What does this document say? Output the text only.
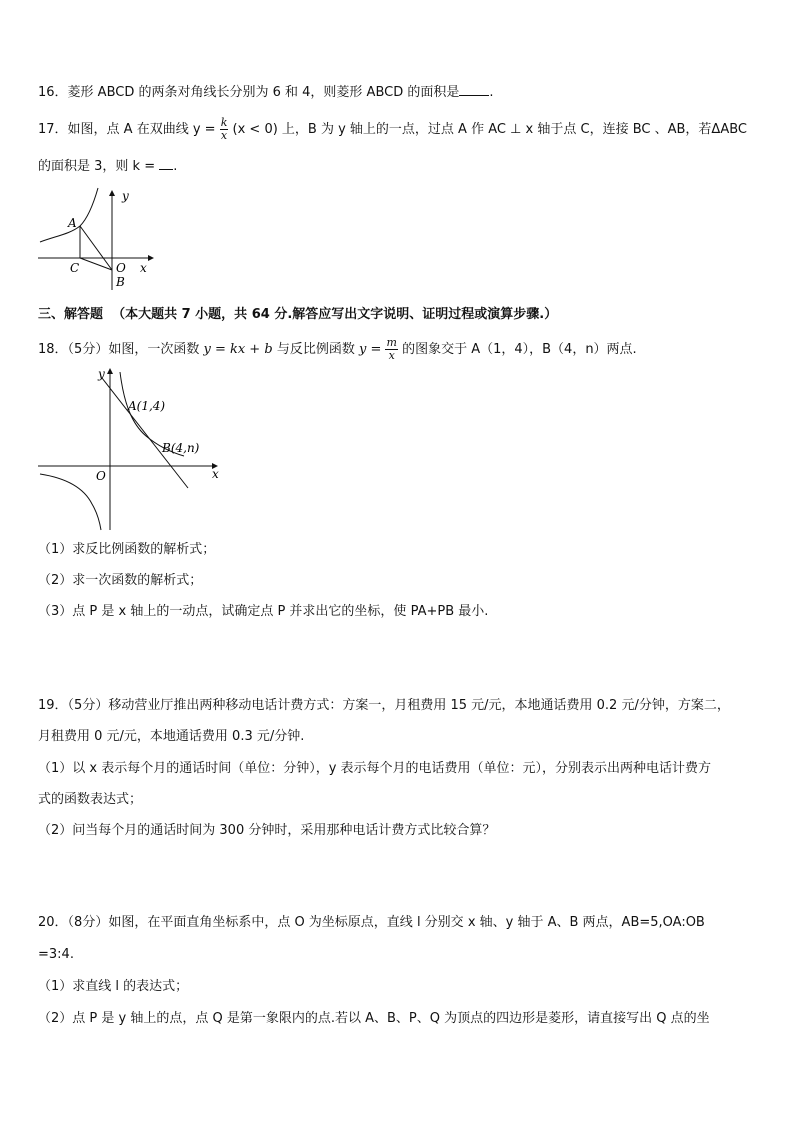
16．菱形 ABCD 的两条对角线长分别为 6 和 4，则菱形 ABCD 的面积是 .
17．如图，点 A 在双曲线 $y = \frac{k}{x} (x < 0)$ 上，B 为 y 轴上的一点，过点 A 作 AC ⊥ x 轴于点 C，连接 BC 、AB，若ΔABC
的面积是 3，则 k = .
y
A
C	O x
B
三、解答题 （本大题共 7 小题，共 64 分.解答应写出文字说明、证明过程或演算步骤.）
18．（5分）如图，一次函数 y = kx + b 与反比例函数 $y = \frac{m}{x}$ 的图象交于 A（1，4），B（4，n）两点.
y
A(1,4)
B(4,n)
O	x
（1）求反比例函数的解析式；
（2）求一次函数的解析式；
（3）点 P 是 x 轴上的一动点，试确定点 P 并求出它的坐标，使 PA+PB 最小.
19．（5分）移动营业厅推出两种移动电话计费方式：方案一，月租费用 15 元/元，本地通话费用 0.2 元/分钟，方案二，
月租费用 0 元/元，本地通话费用 0.3 元/分钟.
（1）以 x 表示每个月的通话时间（单位：分钟），y 表示每个月的电话费用（单位：元），分别表示出两种电话计费方
式的函数表达式；
（2）问当每个月的通话时间为 300 分钟时，采用那种电话计费方式比较合算？
20．（8分）如图，在平面直角坐标系中，点 O 为坐标原点，直线 l 分别交 x 轴、y 轴于 A、B 两点，AB=5,OA:OB
=3:4.
（1）求直线 l 的表达式；
（2）点 P 是 y 轴上的点，点 Q 是第一象限内的点.若以 A、B、P、Q 为顶点的四边形是菱形，请直接写出 Q 点的坐
